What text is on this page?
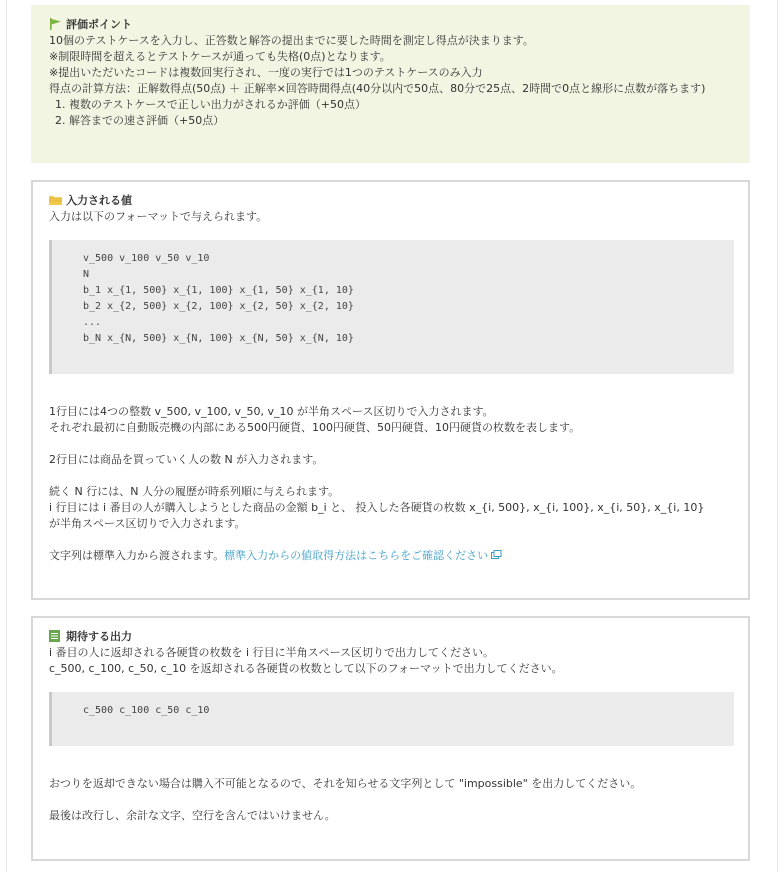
評価ポイント
10個のテストケースを入力し、正答数と解答の提出までに要した時間を測定し得点が決まります。
※制限時間を超えるとテストケースが通っても失格(0点)となります。
※提出いただいたコードは複数回実行され、一度の実行では1つのテストケースのみ入力
得点の計算方法：正解数得点(50点) ＋ 正解率×回答時間得点(40分以内で50点、80分で25点、2時間で0点と線形に点数が落ちます)
1. 複数のテストケースで正しい出力がされるか評価（+50点）
2. 解答までの速さ評価（+50点）
入力される値
入力は以下のフォーマットで与えられます。
v_500 v_100 v_50 v_10
N
b_1 x_{1, 500} x_{1, 100} x_{1, 50} x_{1, 10}
b_2 x_{2, 500} x_{2, 100} x_{2, 50} x_{2, 10}
...
b_N x_{N, 500} x_{N, 100} x_{N, 50} x_{N, 10}
1行目には4つの整数 v_500, v_100, v_50, v_10 が半角スペース区切りで入力されます。
それぞれ最初に自動販売機の内部にある500円硬貨、100円硬貨、50円硬貨、10円硬貨の枚数を表します。
2行目には商品を買っていく人の数 N が入力されます。
続く N 行には、N 人分の履歴が時系列順に与えられます。
i 行目には i 番目の人が購入しようとした商品の金額 b_i と、 投入した各硬貨の枚数 x_{i, 500}, x_{i, 100}, x_{i, 50}, x_{i, 10}
が半角スペース区切りで入力されます。
文字列は標準入力から渡されます。標準入力からの値取得方法はこちらをご確認ください
期待する出力
i 番目の人に返却される各硬貨の枚数を i 行目に半角スペース区切りで出力してください。
c_500, c_100, c_50, c_10 を返却される各硬貨の枚数として以下のフォーマットで出力してください。
c_500 c_100 c_50 c_10
おつりを返却できない場合は購入不可能となるので、それを知らせる文字列として "impossible" を出力してください。
最後は改行し、余計な文字、空行を含んではいけません。
